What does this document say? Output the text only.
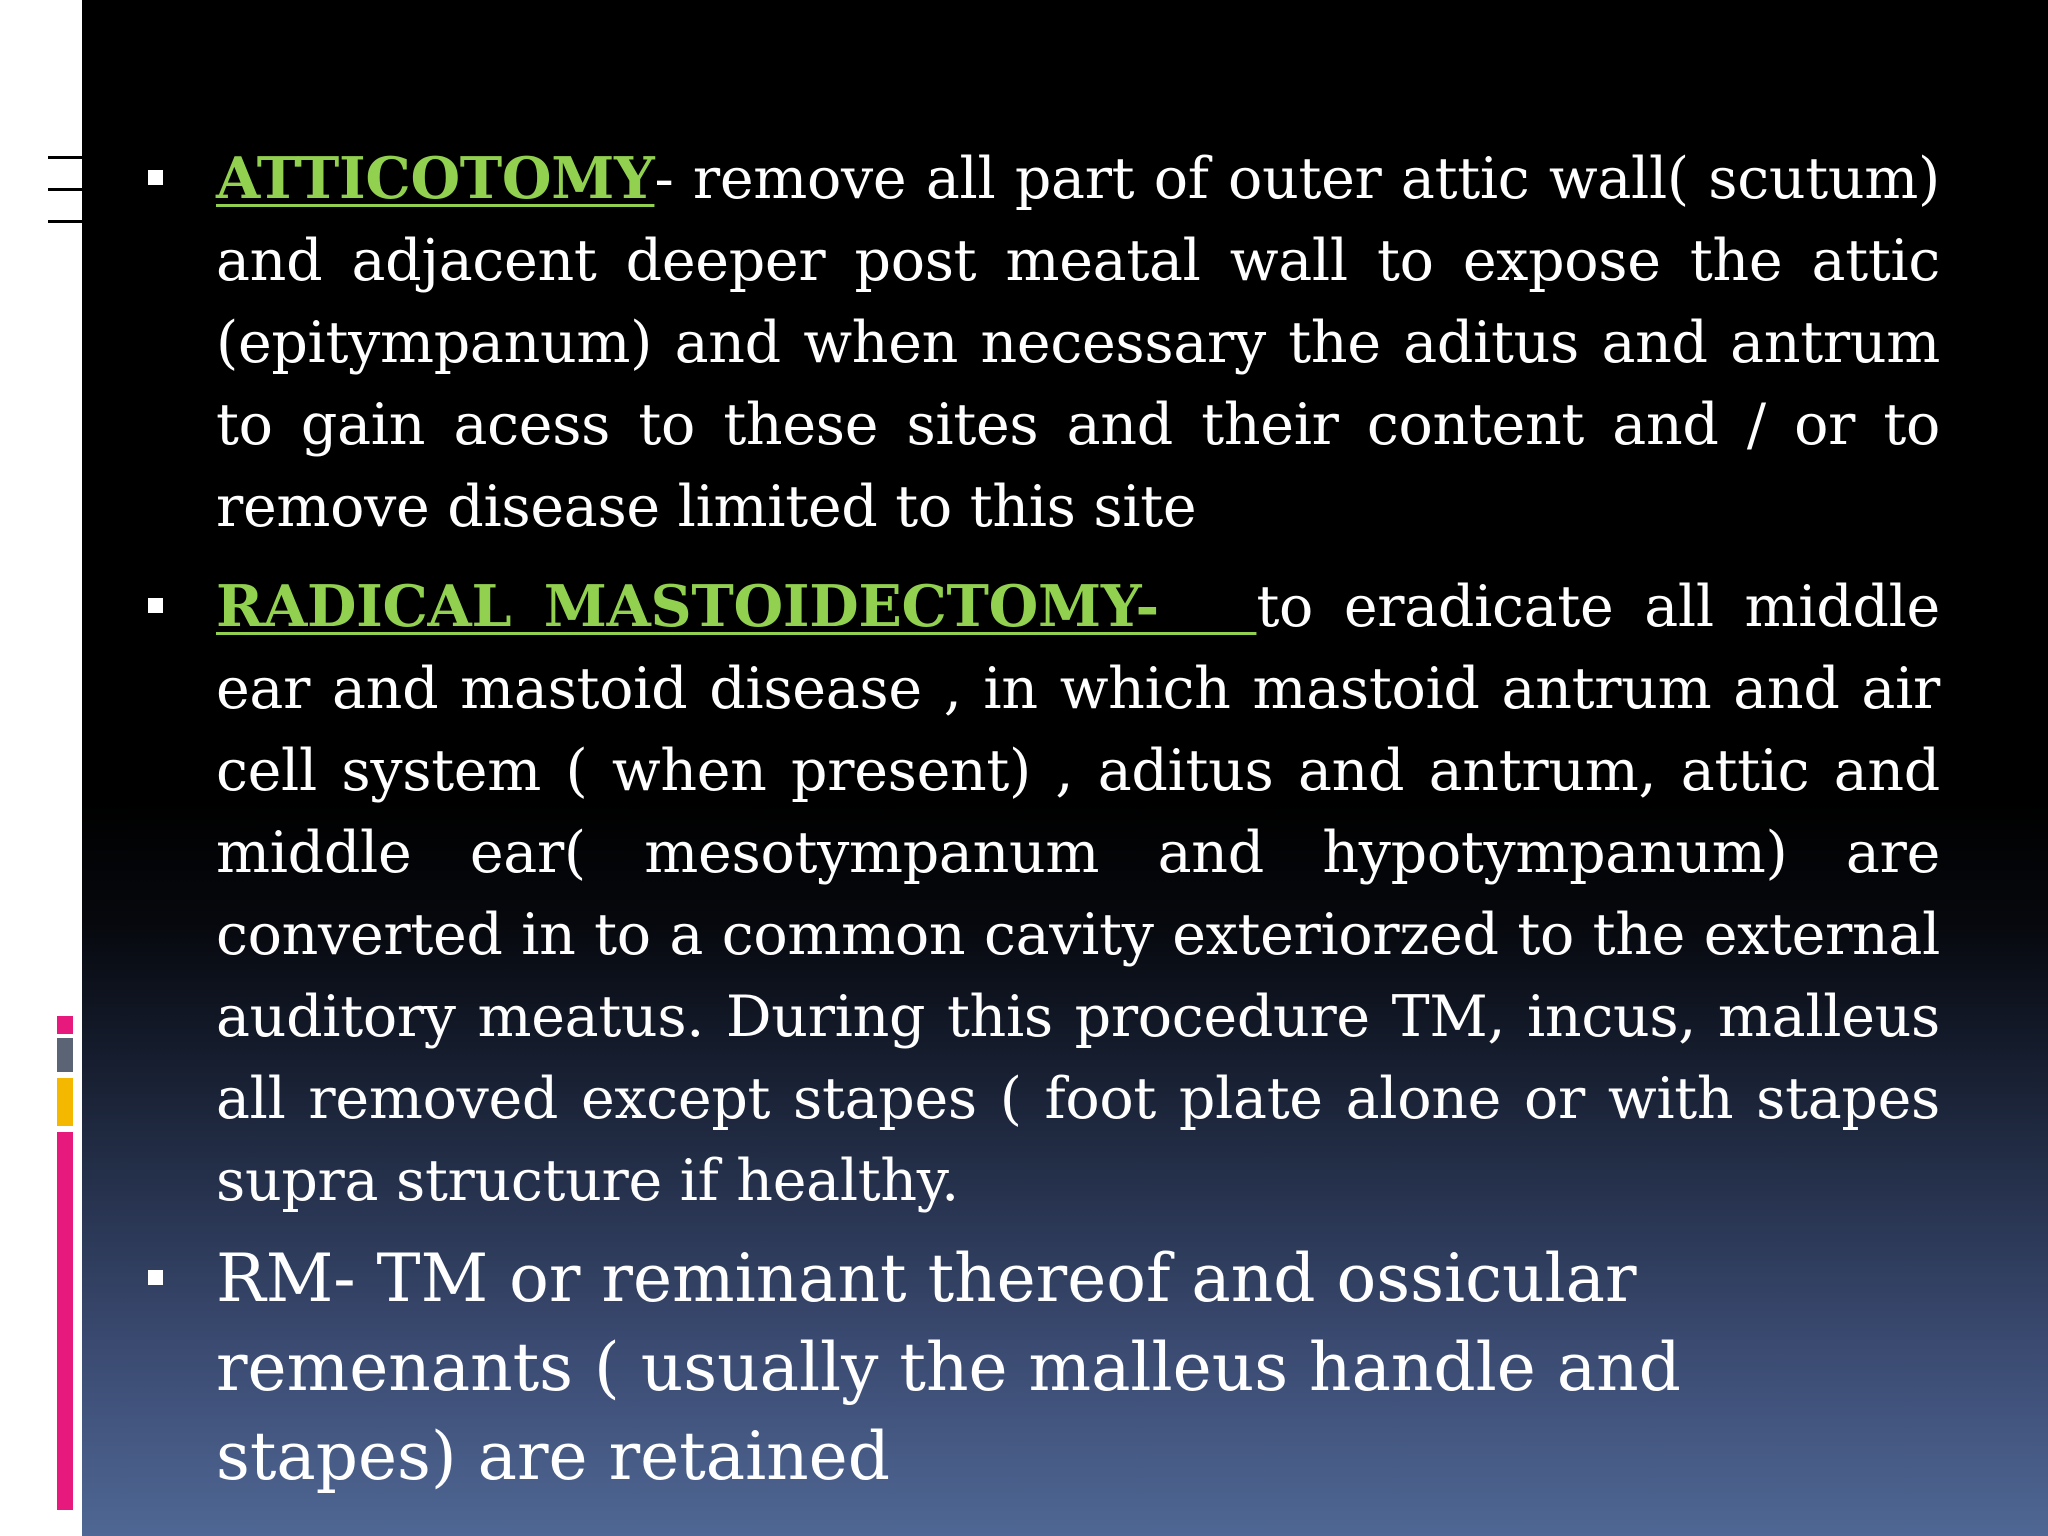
ATTICOTOMY- remove all part of outer attic wall( scutum) and adjacent deeper post meatal wall to expose the attic (epitympanum) and when necessary the aditus and antrum to gain acess to these sites and their content and / or to remove disease limited to this site
RADICAL MASTOIDECTOMY-   to eradicate all middle ear and mastoid disease , in which mastoid antrum and air cell system ( when present) , aditus and antrum, attic and middle ear( mesotympanum and hypotympanum) are converted in to a common cavity exteriorzed to the external auditory meatus. During this procedure TM, incus, malleus all removed except stapes ( foot plate alone or with stapes supra structure if healthy.
RM- TM or reminant thereof and ossicular remenants ( usually the malleus handle and stapes) are retained
